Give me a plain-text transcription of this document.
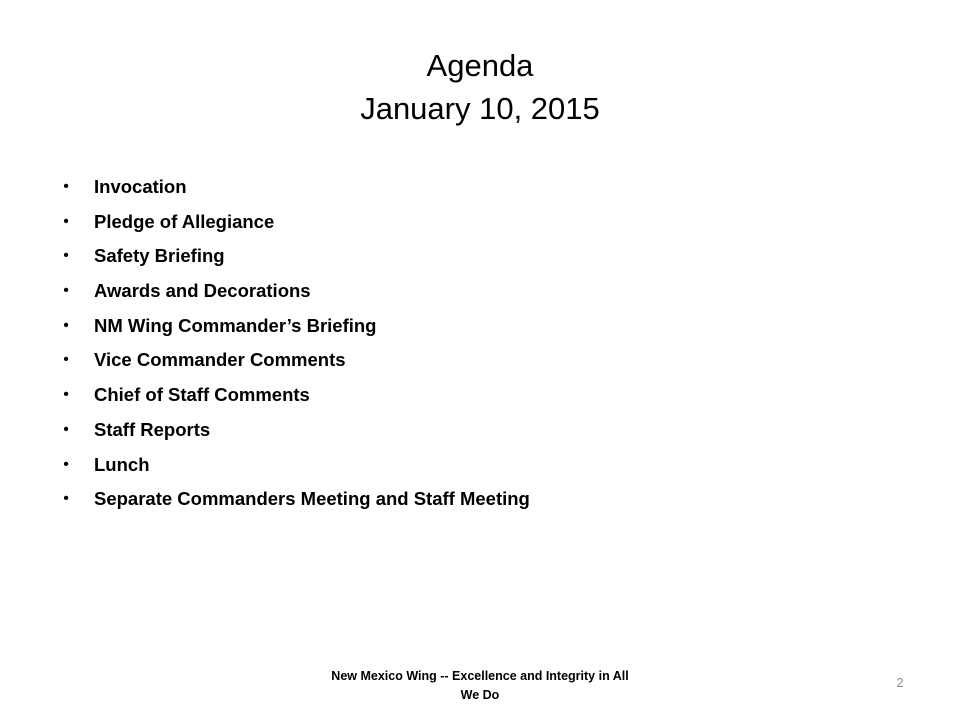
Agenda
January 10, 2015
• Invocation
• Pledge of Allegiance
• Safety Briefing
• Awards and Decorations
• NM Wing Commander’s Briefing
• Vice Commander Comments
• Chief of Staff Comments
• Staff Reports
• Lunch
• Separate Commanders Meeting and Staff Meeting
New Mexico Wing -- Excellence and Integrity in All We Do
2
